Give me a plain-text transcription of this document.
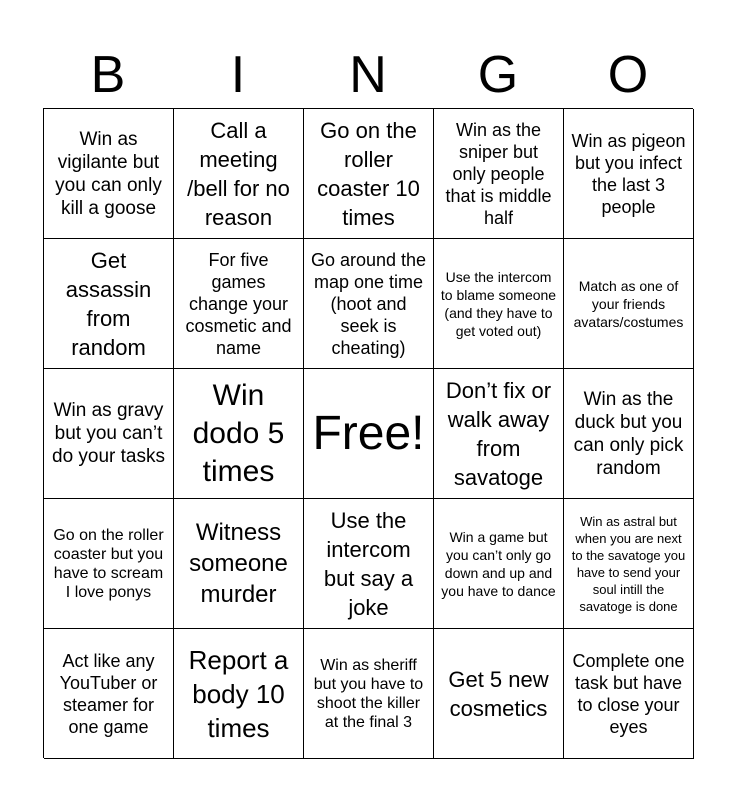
B	I	N	G	O
Win as vigilante but you can only kill a goose
Call a meeting /bell for no reason
Go on the roller coaster 10 times
Win as the sniper but only people that is middle half
Win as pigeon but you infect the last 3 people
Get assassin from random
For five games change your cosmetic and name
Go around the map one time (hoot and seek is cheating)
Use the intercom to blame someone (and they have to get voted out)
Match as one of your friends avatars/costumes
Win as gravy but you can’t do your tasks
Win dodo 5 times
Free!
Don’t fix or walk away from savatoge
Win as the duck but you can only pick random
Go on the roller coaster but you have to scream I love ponys
Witness someone murder
Use the intercom but say a joke
Win a game but you can’t only go down and up and you have to dance
Win as astral but when you are next to the savatoge you have to send your soul intill the savatoge is done
Act like any YouTuber or steamer for one game
Report a body 10 times
Win as sheriff but you have to shoot the killer at the final 3
Get 5 new cosmetics
Complete one task but have to close your eyes
